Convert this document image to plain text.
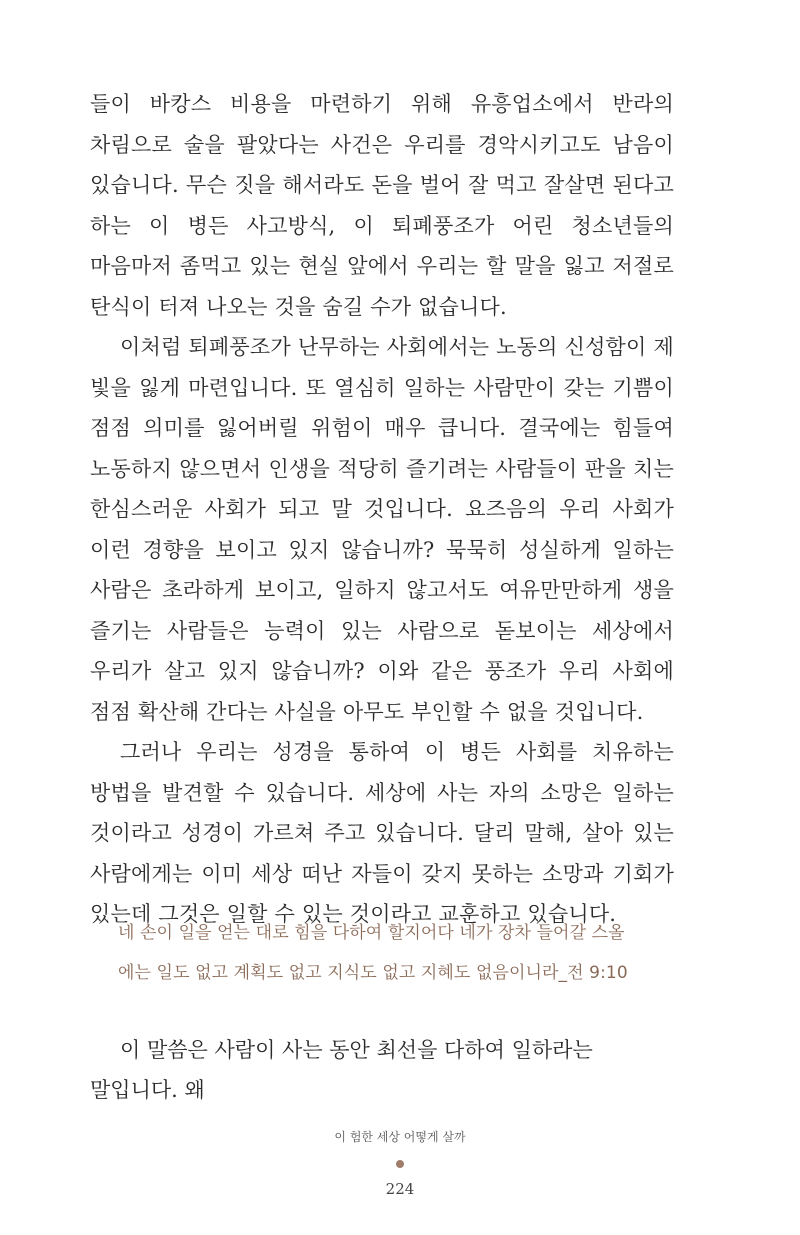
들이 바캉스 비용을 마련하기 위해 유흥업소에서 반라의 차림으로 술을 팔았다는 사건은 우리를 경악시키고도 남음이 있습니다. 무슨 짓을 해서라도 돈을 벌어 잘 먹고 잘살면 된다고 하는 이 병든 사고방식, 이 퇴폐풍조가 어린 청소년들의 마음마저 좀먹고 있는 현실 앞에서 우리는 할 말을 잃고 저절로 탄식이 터져 나오는 것을 숨길 수가 없습니다.

이처럼 퇴폐풍조가 난무하는 사회에서는 노동의 신성함이 제 빛을 잃게 마련입니다. 또 열심히 일하는 사람만이 갖는 기쁨이 점점 의미를 잃어버릴 위험이 매우 큽니다. 결국에는 힘들여 노동하지 않으면서 인생을 적당히 즐기려는 사람들이 판을 치는 한심스러운 사회가 되고 말 것입니다. 요즈음의 우리 사회가 이런 경향을 보이고 있지 않습니까? 묵묵히 성실하게 일하는 사람은 초라하게 보이고, 일하지 않고서도 여유만만하게 생을 즐기는 사람들은 능력이 있는 사람으로 돋보이는 세상에서 우리가 살고 있지 않습니까? 이와 같은 풍조가 우리 사회에 점점 확산해 간다는 사실을 아무도 부인할 수 없을 것입니다.

그러나 우리는 성경을 통하여 이 병든 사회를 치유하는 방법을 발견할 수 있습니다. 세상에 사는 자의 소망은 일하는 것이라고 성경이 가르쳐 주고 있습니다. 달리 말해, 살아 있는 사람에게는 이미 세상 떠난 자들이 갖지 못하는 소망과 기회가 있는데 그것은 일할 수 있는 것이라고 교훈하고 있습니다.

네 손이 일을 얻는 대로 힘을 다하여 할지어다 네가 장차 들어갈 스올

에는 일도 없고 계획도 없고 지식도 없고 지혜도 없음이니라_전 9:10

이 말씀은 사람이 사는 동안 최선을 다하여 일하라는 말입니다. 왜

이 험한 세상 어떻게 살까
224
